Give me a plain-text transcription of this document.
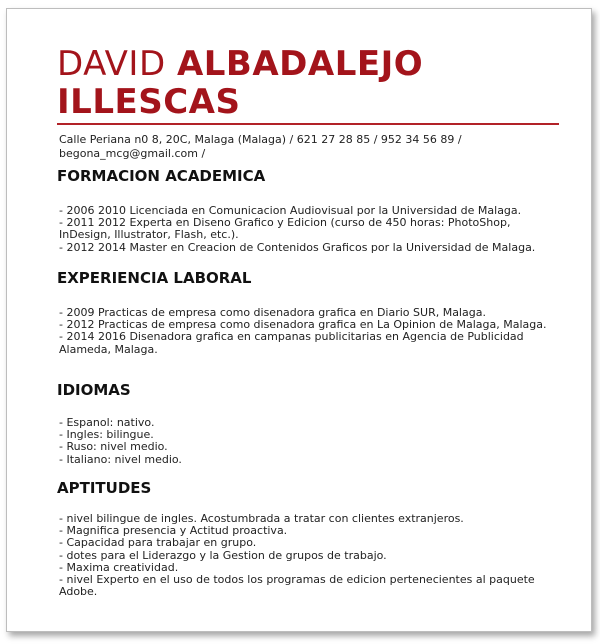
DAVID ALBADALEJO
ILLESCAS
Calle Periana n0 8, 20C, Malaga (Malaga) / 621 27 28 85 / 952 34 56 89 /
begona_mcg@gmail.com /
FORMACION ACADEMICA
- 2006 2010 Licenciada en Comunicacion Audiovisual por la Universidad de Malaga.
- 2011 2012 Experta en Diseno Grafico y Edicion (curso de 450 horas: PhotoShop, InDesign, Illustrator, Flash, etc.).
- 2012 2014 Master en Creacion de Contenidos Graficos por la Universidad de Malaga.
EXPERIENCIA LABORAL
- 2009 Practicas de empresa como disenadora grafica en Diario SUR, Malaga.
- 2012 Practicas de empresa como disenadora grafica en La Opinion de Malaga, Malaga.
- 2014 2016 Disenadora grafica en campanas publicitarias en Agencia de Publicidad Alameda, Malaga.
IDIOMAS
- Espanol: nativo.
- Ingles: bilingue.
- Ruso: nivel medio.
- Italiano: nivel medio.
APTITUDES
- nivel bilingue de ingles. Acostumbrada a tratar con clientes extranjeros.
- Magnifica presencia y Actitud proactiva.
- Capacidad para trabajar en grupo.
- dotes para el Liderazgo y la Gestion de grupos de trabajo.
- Maxima creatividad.
- nivel Experto en el uso de todos los programas de edicion pertenecientes al paquete Adobe.
